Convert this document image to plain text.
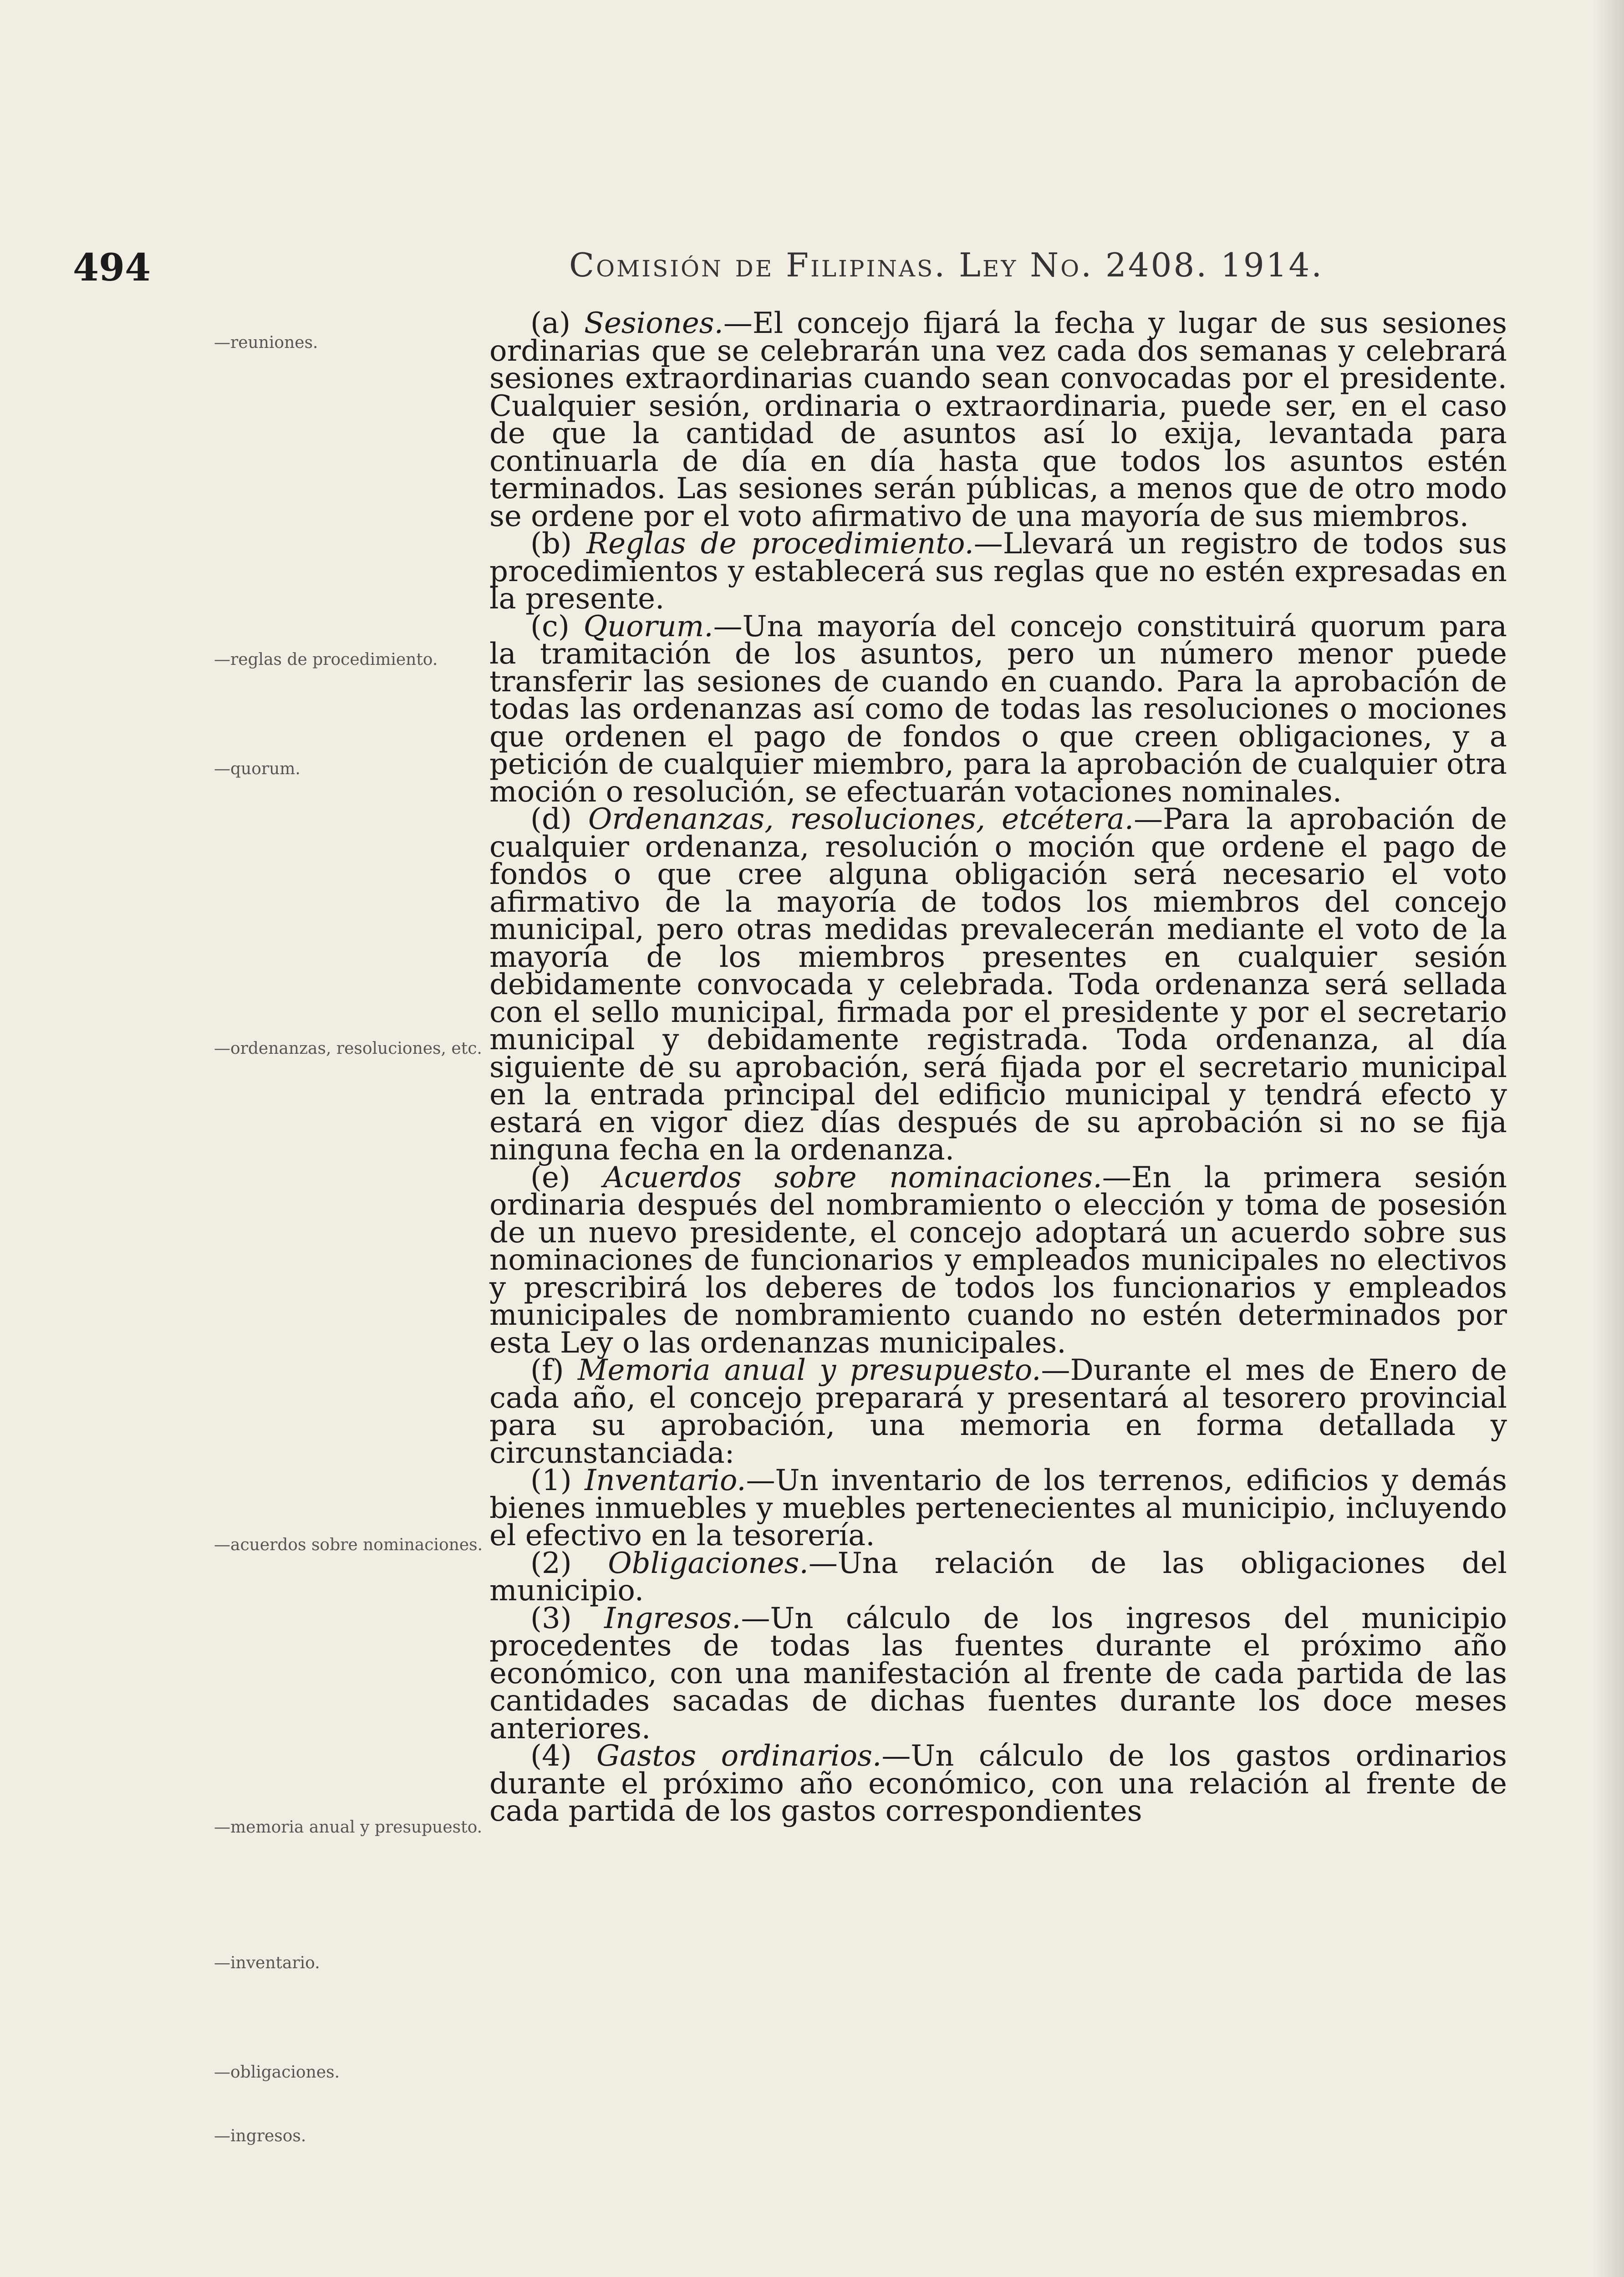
494	Comisión de Filipinas. Ley No. 2408. 1914.
—reuniones.
—reglas de procedimiento.
—quorum.
—ordenanzas, resoluciones, etc.
—acuerdos sobre nominaciones.
—memoria anual y presupuesto.
—inventario.
—obligaciones.
—ingresos.

(a) Sesiones.—El concejo fijará la fecha y lugar de sus sesiones ordinarias que se celebrarán una vez cada dos semanas y celebrará sesiones extraordinarias cuando sean convocadas por el presidente. Cualquier sesión, ordinaria o extraordinaria, puede ser, en el caso de que la cantidad de asuntos así lo exija, levantada para continuarla de día en día hasta que todos los asuntos estén terminados. Las sesiones serán públicas, a menos que de otro modo se ordene por el voto afirmativo de una mayoría de sus miembros.

(b) Reglas de procedimiento.—Llevará un registro de todos sus procedimientos y establecerá sus reglas que no estén expresadas en la presente.

(c) Quorum.—Una mayoría del concejo constituirá quorum para la tramitación de los asuntos, pero un número menor puede transferir las sesiones de cuando en cuando. Para la aprobación de todas las ordenanzas así como de todas las resoluciones o mociones que ordenen el pago de fondos o que creen obligaciones, y a petición de cualquier miembro, para la aprobación de cualquier otra moción o resolución, se efectuarán votaciones nominales.

(d) Ordenanzas, resoluciones, etcétera.—Para la aprobación de cualquier ordenanza, resolución o moción que ordene el pago de fondos o que cree alguna obligación será necesario el voto afirmativo de la mayoría de todos los miembros del concejo municipal, pero otras medidas prevalecerán mediante el voto de la mayoría de los miembros presentes en cualquier sesión debidamente convocada y celebrada. Toda ordenanza será sellada con el sello municipal, firmada por el presidente y por el secretario municipal y debidamente registrada. Toda ordenanza, al día siguiente de su aprobación, será fijada por el secretario municipal en la entrada principal del edificio municipal y tendrá efecto y estará en vigor diez días después de su aprobación si no se fija ninguna fecha en la ordenanza.

(e) Acuerdos sobre nominaciones.—En la primera sesión ordinaria después del nombramiento o elección y toma de posesión de un nuevo presidente, el concejo adoptará un acuerdo sobre sus nominaciones de funcionarios y empleados municipales no electivos y prescribirá los deberes de todos los funcionarios y empleados municipales de nombramiento cuando no estén determinados por esta Ley o las ordenanzas municipales.

(f) Memoria anual y presupuesto.—Durante el mes de Enero de cada año, el concejo preparará y presentará al tesorero provincial para su aprobación, una memoria en forma detallada y circunstanciada:

(1) Inventario.—Un inventario de los terrenos, edificios y demás bienes inmuebles y muebles pertenecientes al municipio, incluyendo el efectivo en la tesorería.

(2) Obligaciones.—Una relación de las obligaciones del municipio.

(3) Ingresos.—Un cálculo de los ingresos del municipio procedentes de todas las fuentes durante el próximo año económico, con una manifestación al frente de cada partida de las cantidades sacadas de dichas fuentes durante los doce meses anteriores.

(4) Gastos ordinarios.—Un cálculo de los gastos ordinarios durante el próximo año económico, con una relación al frente de cada partida de los gastos correspondientes
